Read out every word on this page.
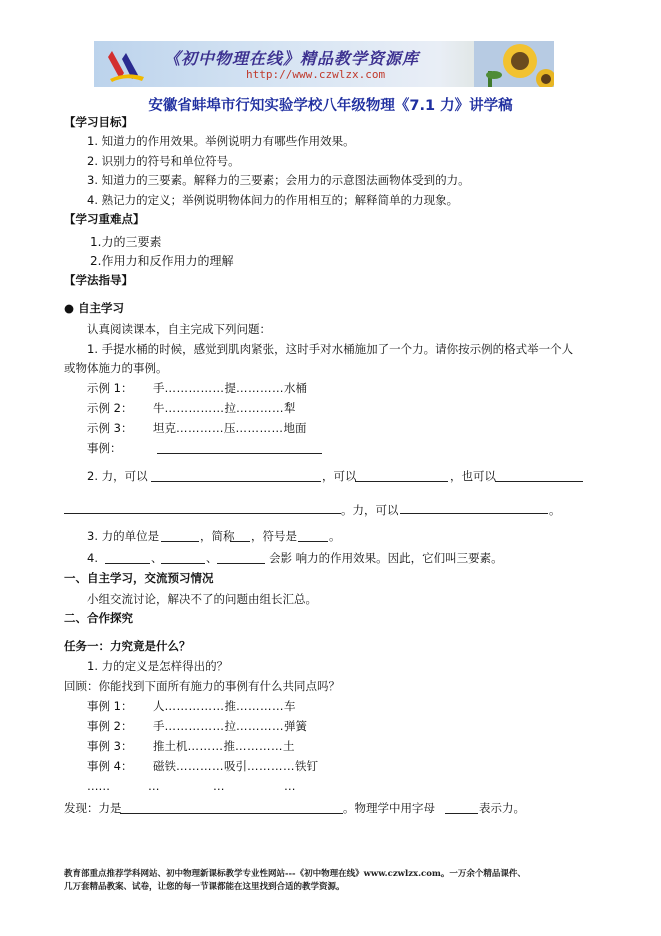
《初中物理在线》精品教学资源库
http://www.czwlzx.com
安徽省蚌埠市行知实验学校八年级物理《7.1 力》讲学稿
【学习目标】
1. 知道力的作用效果。举例说明力有哪些作用效果。
2. 识别力的符号和单位符号。
3. 知道力的三要素。解释力的三要素；会用力的示意图法画物体受到的力。
4. 熟记力的定义；举例说明物体间力的作用相互的；解释简单的力现象。
【学习重难点】
1.力的三要素
2.作用力和反作用力的理解
【学法指导】
● 自主学习
认真阅读课本，自主完成下列问题：
1. 手提水桶的时候，感觉到肌肉紧张，这时手对水桶施加了一个力。请你按示例的格式举一个人
或物体施力的事例。
示例 1： 手……………提…………水桶
示例 2： 牛……………拉…………犁
示例 3： 坦克…………压…………地面
事例：
2. 力，可以	，可以	，也可以
。力，可以	。
3. 力的单位是	，简称 ，符号是	。
4.	、	、	会影 响力的作用效果。因此，它们叫三要素。
一、自主学习，交流预习情况
小组交流讨论，解决不了的问题由组长汇总。
二、合作探究
任务一：力究竟是什么？
1. 力的定义是怎样得出的？
回顾：你能找到下面所有施力的事例有什么共同点吗？
事例 1： 人……………推…………车
事例 2： 手……………拉…………弹簧
事例 3： 推土机………推…………土
事例 4： 磁铁…………吸引…………铁钉
……	…	…	…
发现：力是	。物理学中用字母	表示力。
教育部重点推荐学科网站、初中物理新课标教学专业性网站---《初中物理在线》www.czwlzx.com。一万余个精品课件、
几万套精品教案、试卷，让您的每一节课都能在这里找到合适的教学资源。
